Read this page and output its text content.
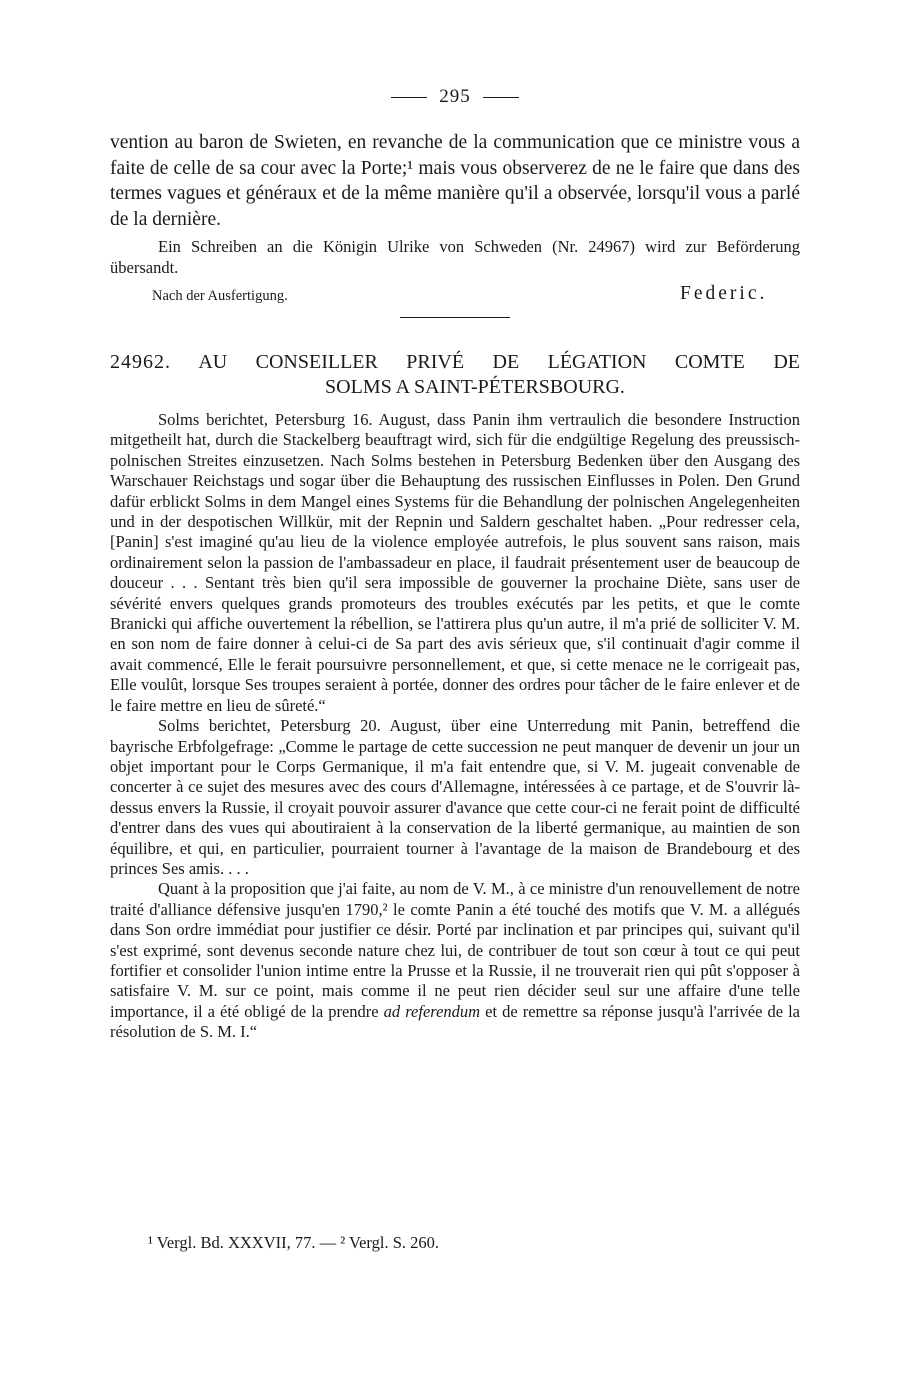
295

vention au baron de Swieten, en revanche de la communication que ce ministre vous a faite de celle de sa cour avec la Porte;¹ mais vous observerez de ne le faire que dans des termes vagues et généraux et de la même manière qu'il a observée, lorsqu'il vous a parlé de la dernière.

Ein Schreiben an die Königin Ulrike von Schweden (Nr. 24967) wird zur Beförderung übersandt.

Nach der Ausfertigung.	Federic.
24962. AU CONSEILLER PRIVÉ DE LÉGATION COMTE DE
SOLMS A SAINT-PÉTERSBOURG.

Solms berichtet, Petersburg 16. August, dass Panin ihm vertraulich die besondere Instruction mitgetheilt hat, durch die Stackelberg beauftragt wird, sich für die endgültige Regelung des preussisch-polnischen Streites einzusetzen. Nach Solms bestehen in Petersburg Bedenken über den Ausgang des Warschauer Reichstags und sogar über die Behauptung des russischen Einflusses in Polen. Den Grund dafür erblickt Solms in dem Mangel eines Systems für die Behandlung der polnischen Angelegenheiten und in der despotischen Willkür, mit der Repnin und Saldern geschaltet haben. „Pour redresser cela, [Panin] s'est imaginé qu'au lieu de la violence employée autrefois, le plus souvent sans raison, mais ordinairement selon la passion de l'ambassadeur en place, il faudrait présentement user de beaucoup de douceur . . . Sentant très bien qu'il sera impossible de gouverner la prochaine Diète, sans user de sévérité envers quelques grands promoteurs des troubles exécutés par les petits, et que le comte Branicki qui affiche ouvertement la rébellion, se l'attirera plus qu'un autre, il m'a prié de solliciter V. M. en son nom de faire donner à celui-ci de Sa part des avis sérieux que, s'il continuait d'agir comme il avait commencé, Elle le ferait poursuivre personnellement, et que, si cette menace ne le corrigeait pas, Elle voulût, lorsque Ses troupes seraient à portée, donner des ordres pour tâcher de le faire enlever et de le faire mettre en lieu de sûreté.“

Solms berichtet, Petersburg 20. August, über eine Unterredung mit Panin, betreffend die bayrische Erbfolgefrage: „Comme le partage de cette succession ne peut manquer de devenir un jour un objet important pour le Corps Germanique, il m'a fait entendre que, si V. M. jugeait convenable de concerter à ce sujet des mesures avec des cours d'Allemagne, intéressées à ce partage, et de S'ouvrir là-dessus envers la Russie, il croyait pouvoir assurer d'avance que cette cour-ci ne ferait point de difficulté d'entrer dans des vues qui aboutiraient à la conservation de la liberté germanique, au maintien de son équilibre, et qui, en particulier, pourraient tourner à l'avantage de la maison de Brandebourg et des princes Ses amis. . . .

Quant à la proposition que j'ai faite, au nom de V. M., à ce ministre d'un renouvellement de notre traité d'alliance défensive jusqu'en 1790,² le comte Panin a été touché des motifs que V. M. a allégués dans Son ordre immédiat pour justifier ce désir. Porté par inclination et par principes qui, suivant qu'il s'est exprimé, sont devenus seconde nature chez lui, de contribuer de tout son cœur à tout ce qui peut fortifier et consolider l'union intime entre la Prusse et la Russie, il ne trouverait rien qui pût s'opposer à satisfaire V. M. sur ce point, mais comme il ne peut rien décider seul sur une affaire d'une telle importance, il a été obligé de la prendre ad referendum et de remettre sa réponse jusqu'à l'arrivée de la résolution de S. M. I.“

¹ Vergl. Bd. XXXVII, 77. — ² Vergl. S. 260.
